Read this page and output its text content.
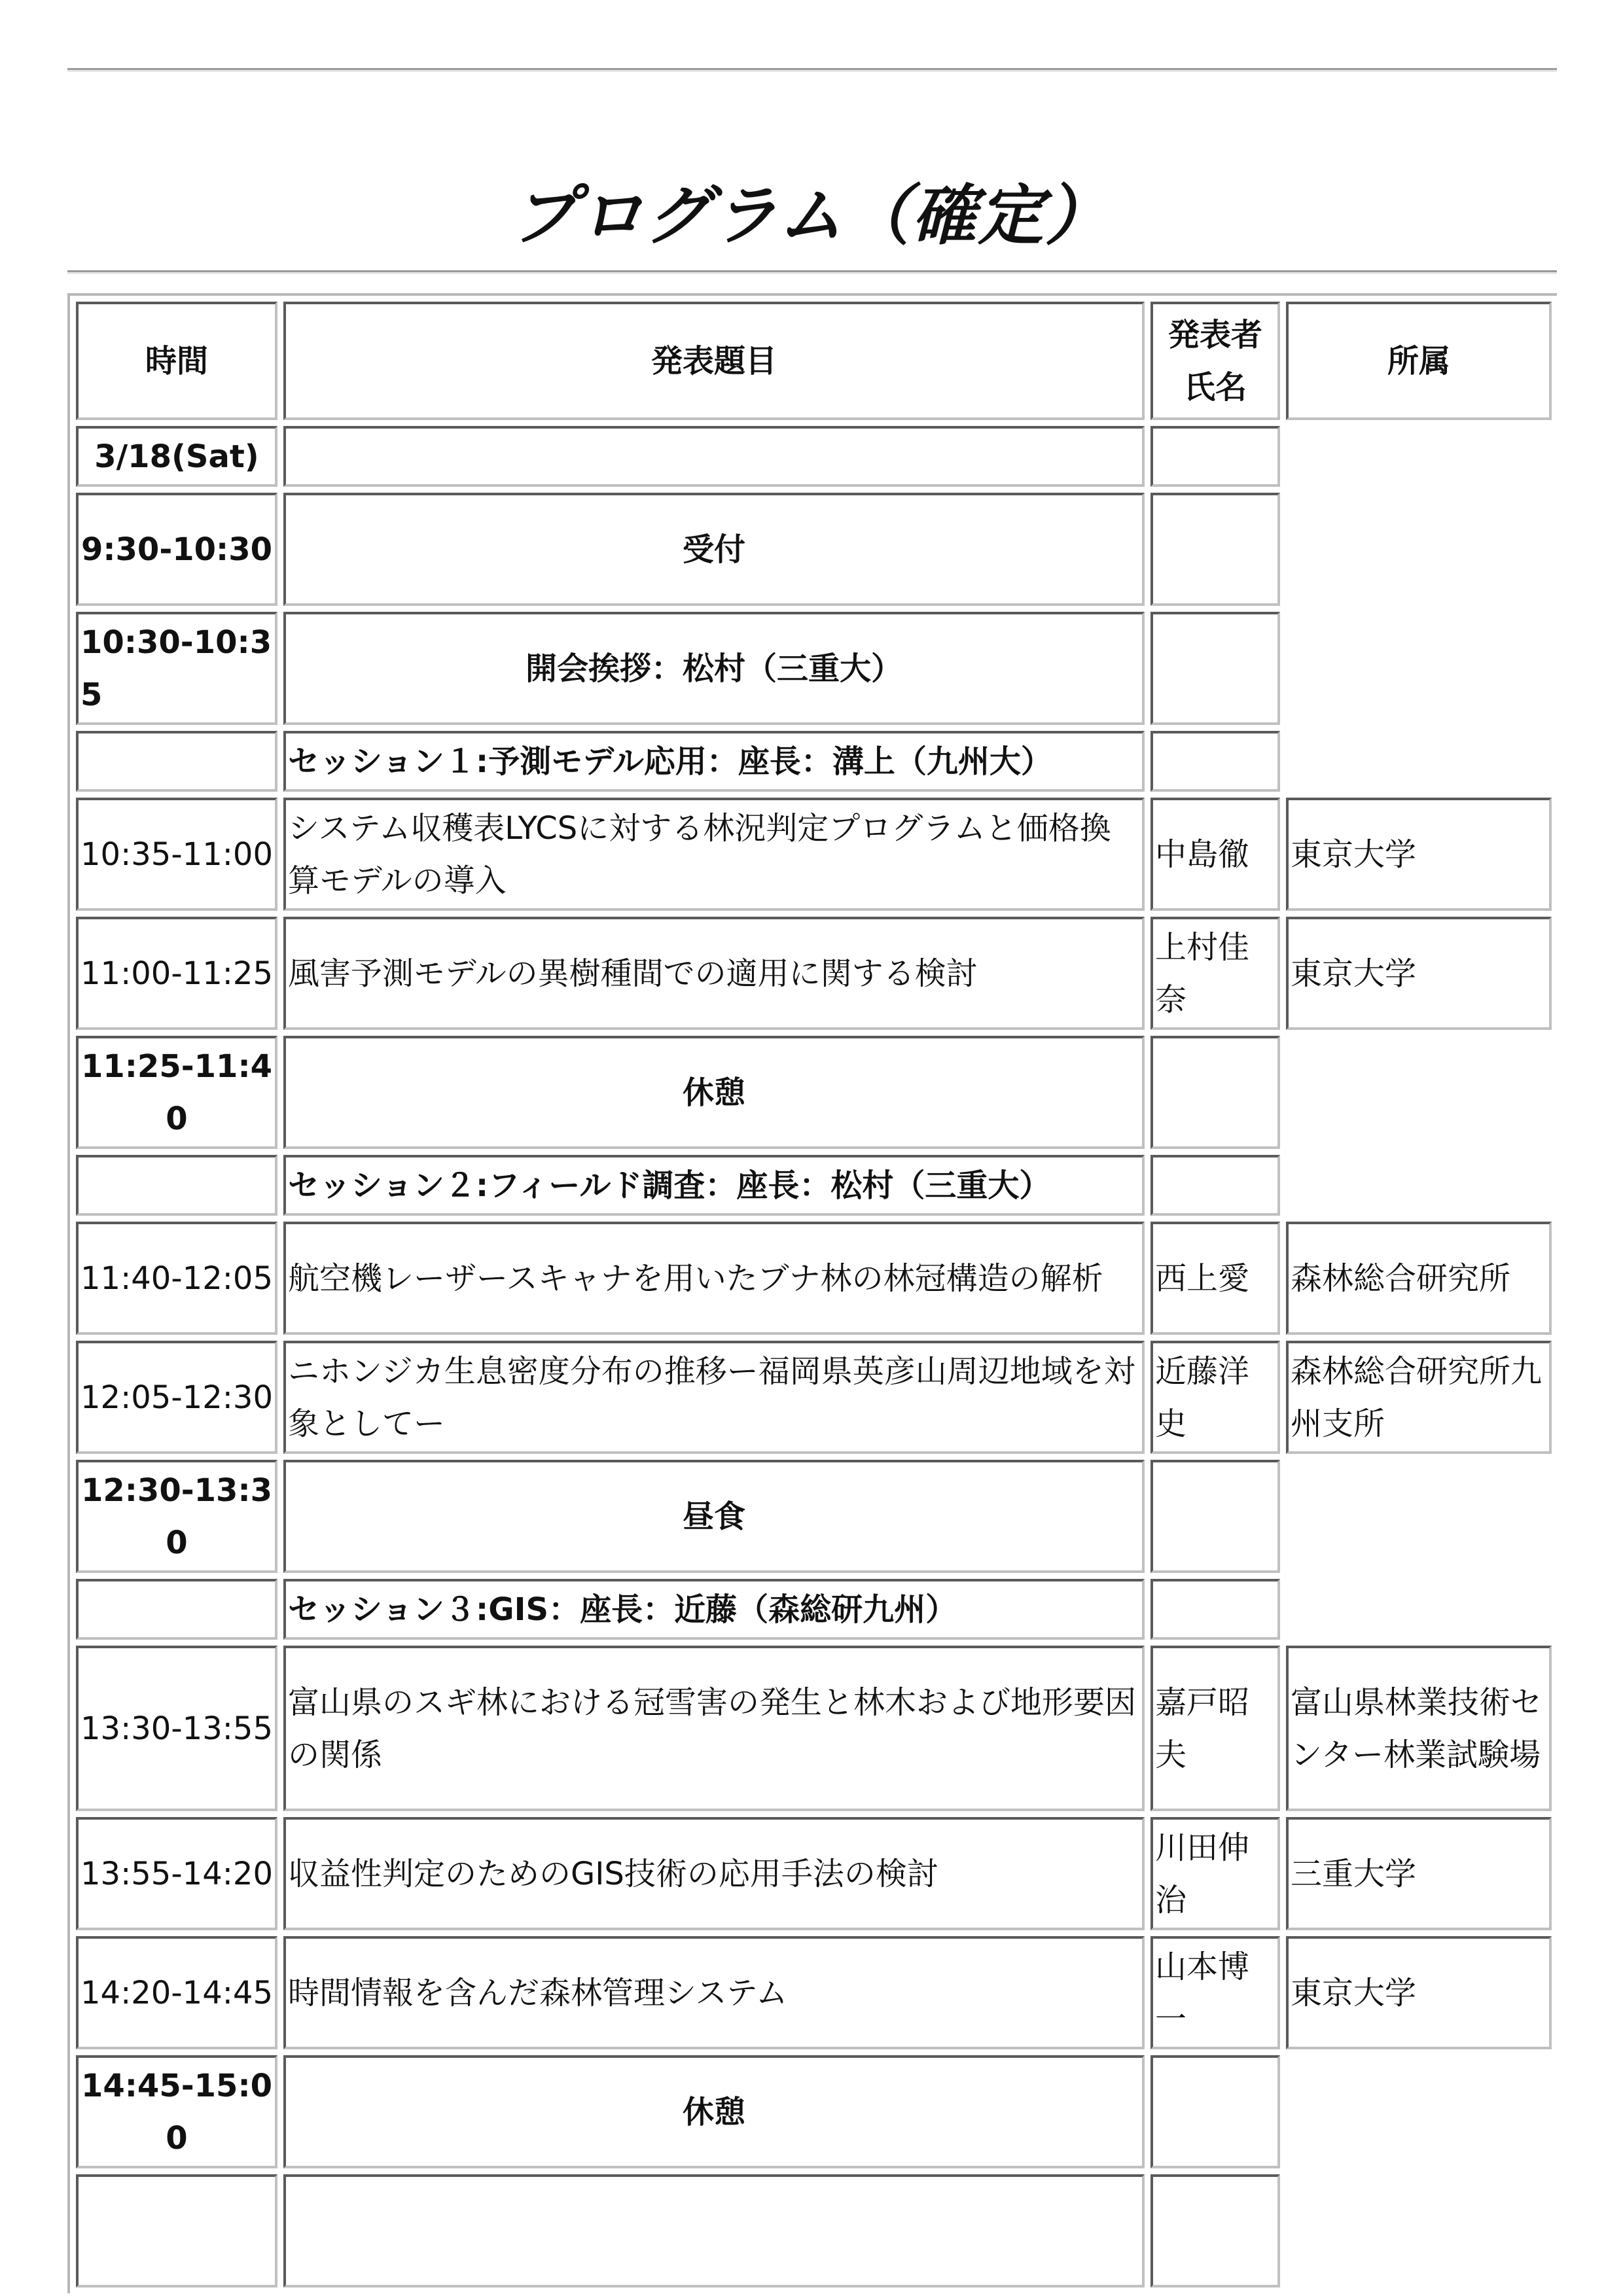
プログラム（確定）
時間	発表題目	発表者氏名	所属
3/18(Sat)			
9:30-10:30	受付		
10:30-10:35	開会挨拶：松村（三重大）		
	セッション１:予測モデル応用：座長：溝上（九州大）		
10:35-11:00	システム収穫表LYCSに対する林況判定プログラムと価格換算モデルの導入	中島徹	東京大学
11:00-11:25	風害予測モデルの異樹種間での適用に関する検討	上村佳奈	東京大学
11:25-11:40	休憩		
	セッション２:フィールド調査：座長：松村（三重大）		
11:40-12:05	航空機レーザースキャナを用いたブナ林の林冠構造の解析	西上愛	森林総合研究所
12:05-12:30	ニホンジカ生息密度分布の推移ー福岡県英彦山周辺地域を対象としてー	近藤洋史	森林総合研究所九州支所
12:30-13:30	昼食		
	セッション３:GIS：座長：近藤（森総研九州）		
13:30-13:55	富山県のスギ林における冠雪害の発生と林木および地形要因の関係	嘉戸昭夫	富山県林業技術センター林業試験場
13:55-14:20	収益性判定のためのGIS技術の応用手法の検討	川田伸治	三重大学
14:20-14:45	時間情報を含んだ森林管理システム	山本博一	東京大学
14:45-15:00	休憩		
